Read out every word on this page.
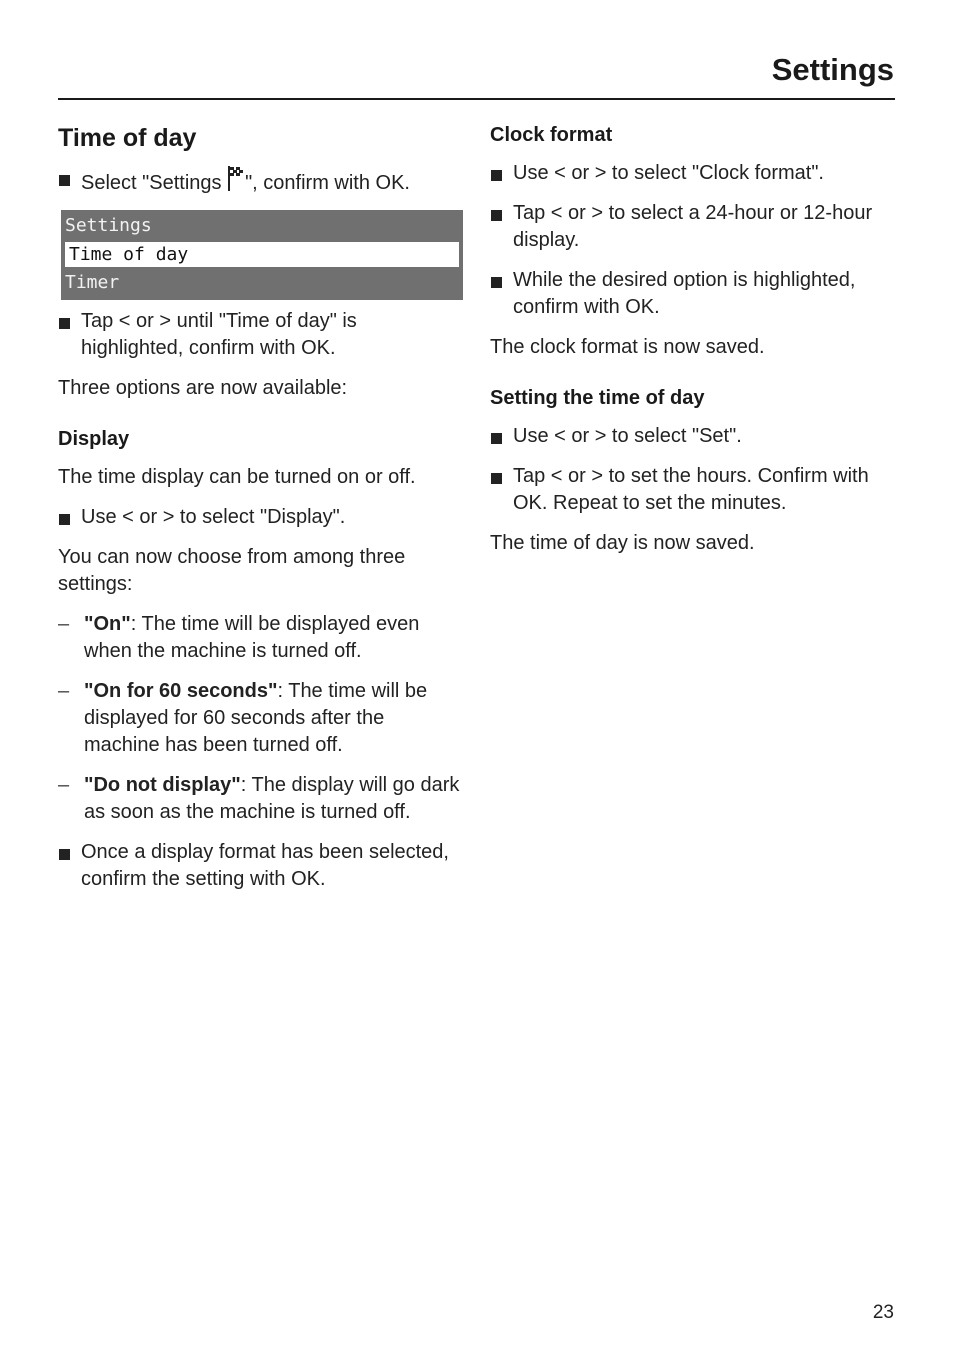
Settings
Time of day
Select "Settings ", confirm with OK.
Settings
Time of day
Timer
Tap < or > until "Time of day" is highlighted, confirm with OK.

Three options are now available:

Display

The time display can be turned on or off.

Use < or > to select "Display".

You can now choose from among three settings:

– "On": The time will be displayed even when the machine is turned off.
– "On for 60 seconds": The time will be displayed for 60 seconds after the machine has been turned off.
– "Do not display": The display will go dark as soon as the machine is turned off.
Once a display format has been selected, confirm the setting with OK.
Clock format
Use < or > to select "Clock format".
Tap < or > to select a 24-hour or 12-hour display.
While the desired option is highlighted, confirm with OK.

The clock format is now saved.

Setting the time of day
Use < or > to select "Set".
Tap < or > to set the hours. Confirm with OK. Repeat to set the minutes.

The time of day is now saved.

23
